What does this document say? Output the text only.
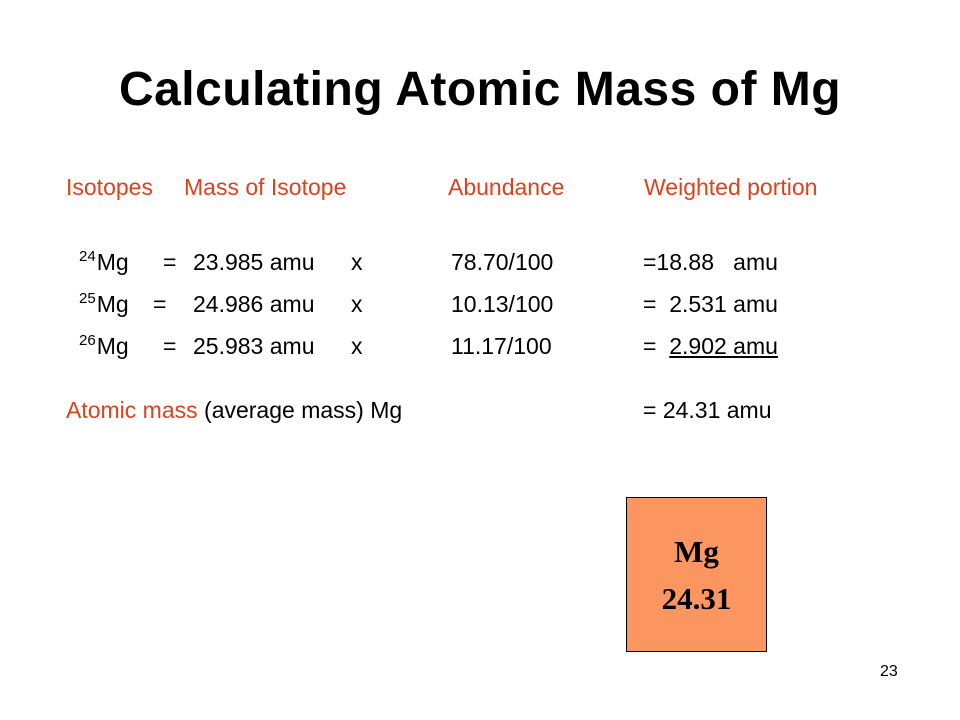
Calculating Atomic Mass of Mg
Isotopes Mass of Isotope	Abundance	Weighted portion
$^{24}$Mg = 23.985 amu x	78.70/100	=18.88   amu
$^{25}$Mg = 24.986 amu x	10.13/100	=  2.531 amu
$^{26}$Mg = 25.983 amu x	11.17/100	= 2.902 amu
Atomic mass (average mass) Mg	= 24.31 amu
Mg
24.31
23
